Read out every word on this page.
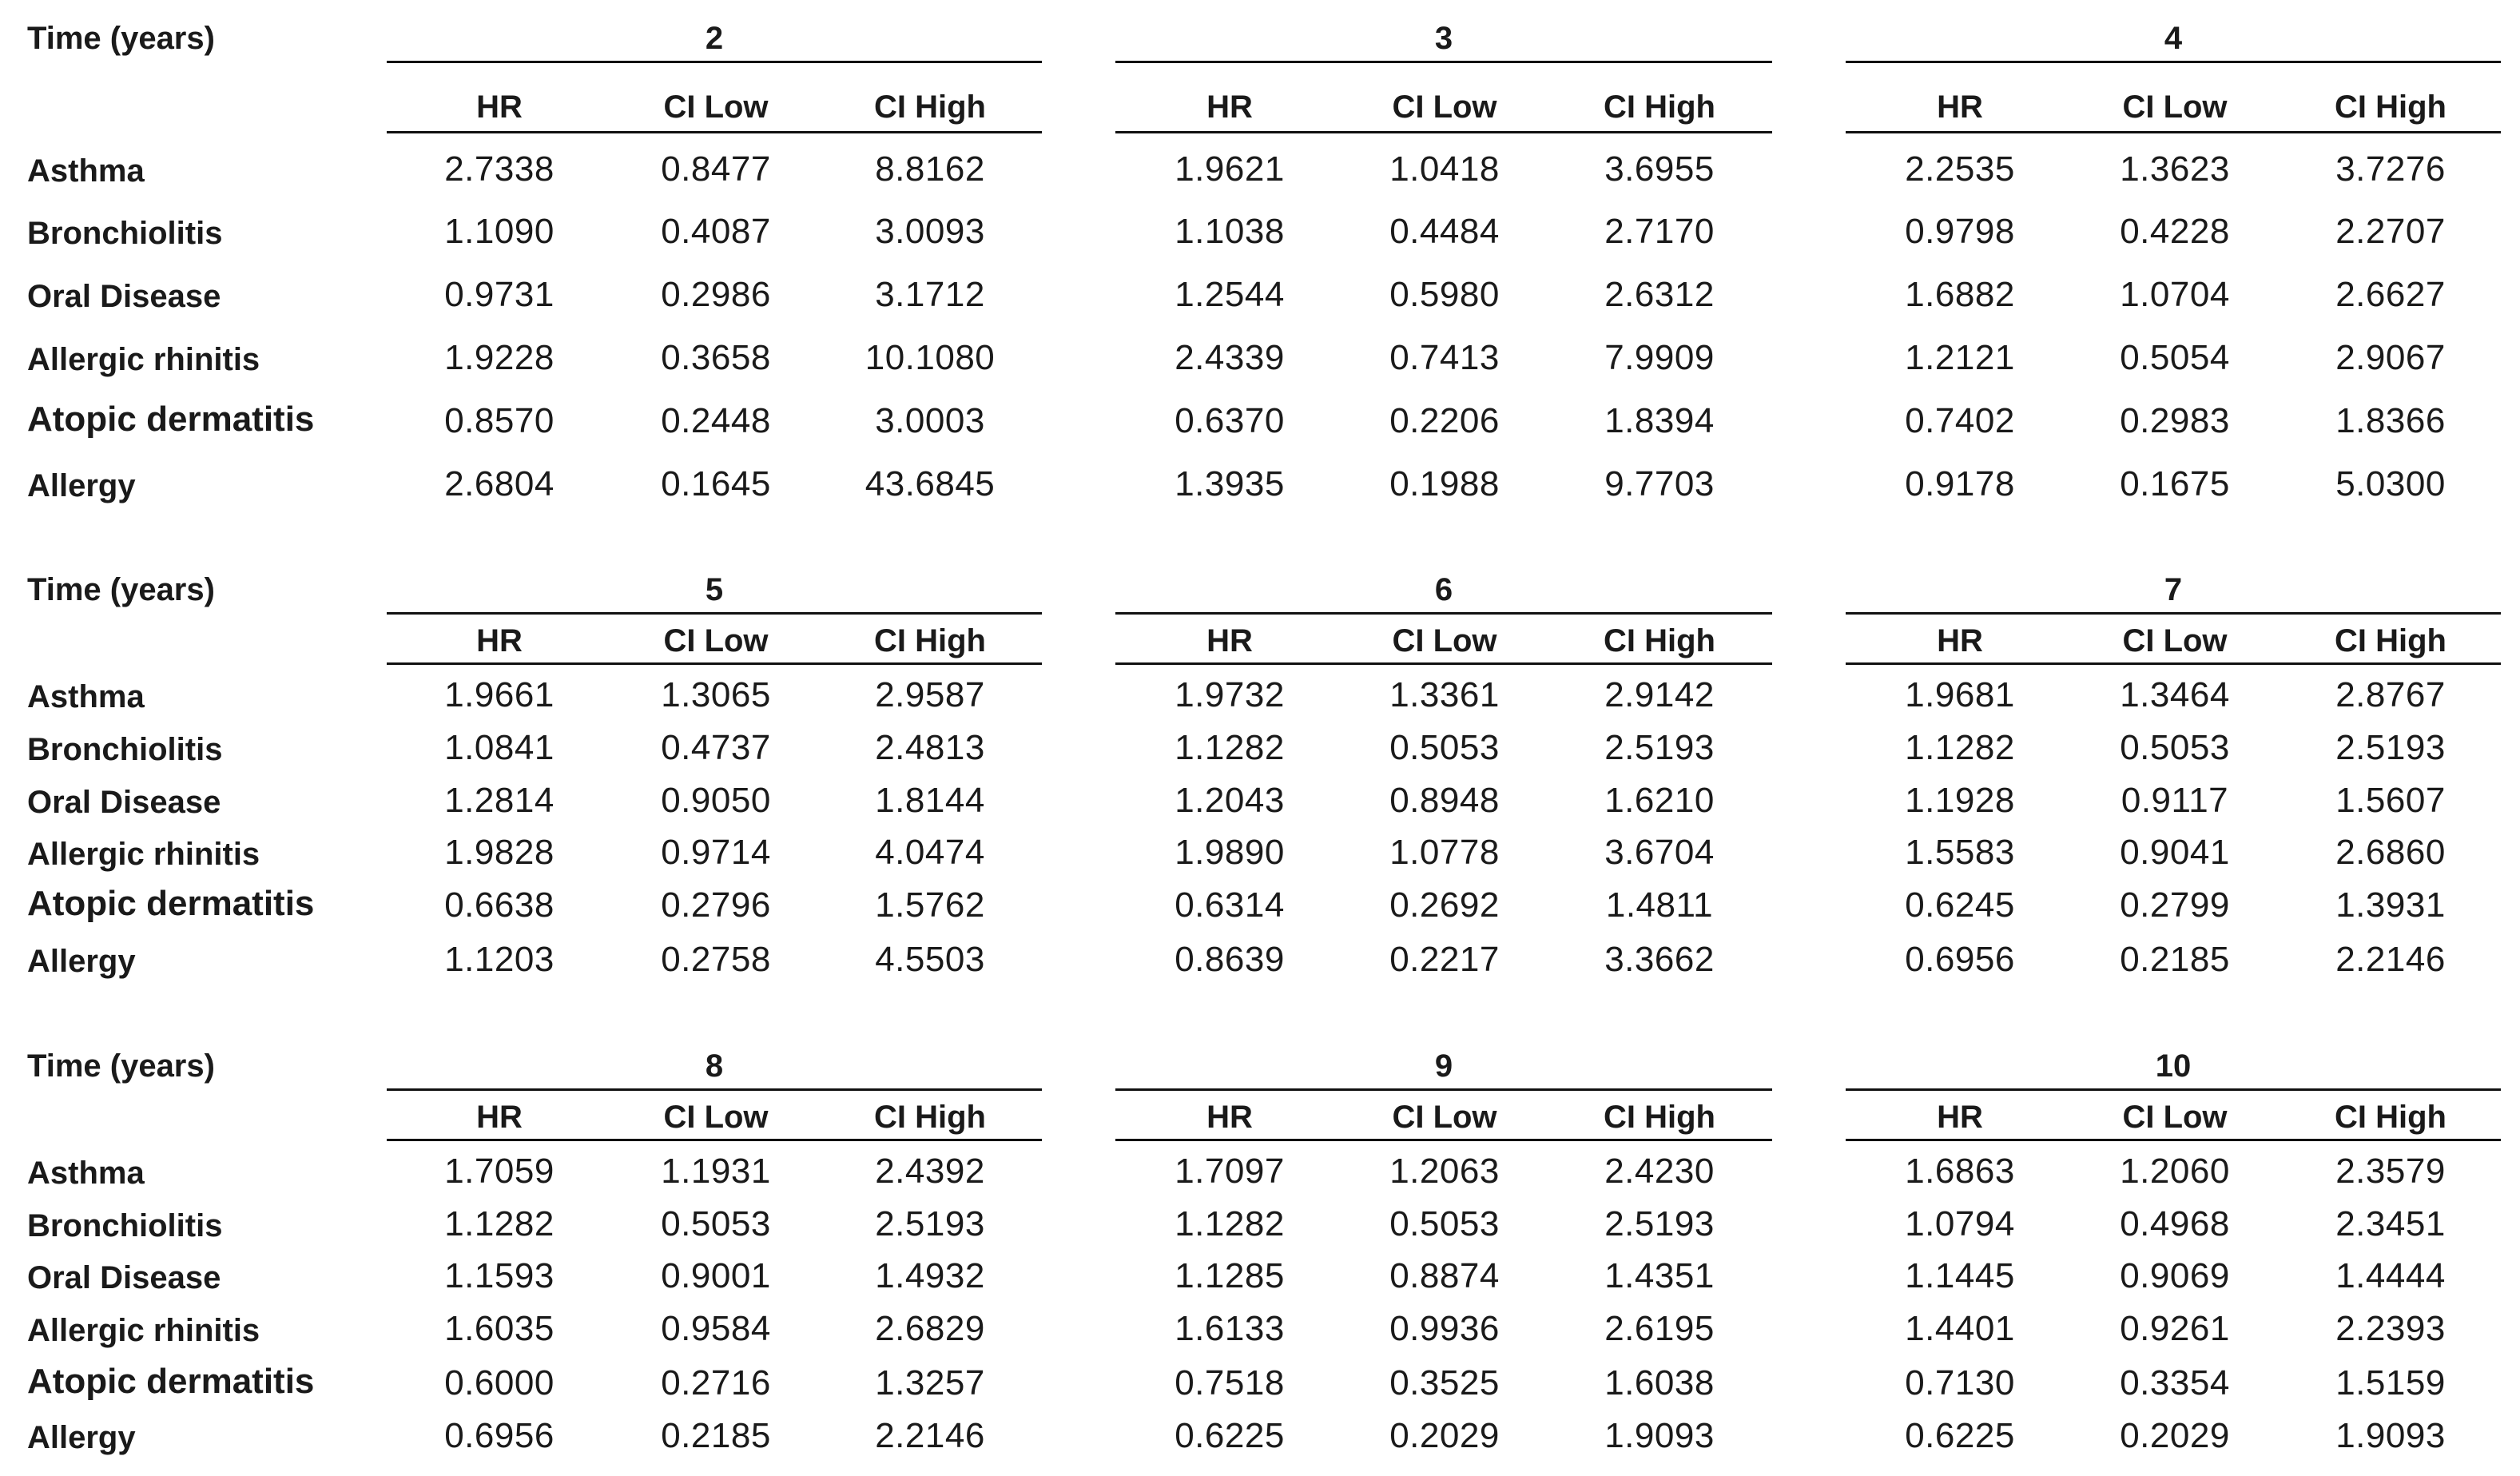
Time (years)	2
HR	CI Low	CI High
3
HR	CI Low	CI High
4
HR	CI Low	CI High
Asthma	2.7338	0.8477	8.8162	1.9621	1.0418	3.6955	2.2535	1.3623	3.7276
Bronchiolitis	1.1090	0.4087	3.0093	1.1038	0.4484	2.7170	0.9798	0.4228	2.2707
Oral Disease	0.9731	0.2986	3.1712	1.2544	0.5980	2.6312	1.6882	1.0704	2.6627
Allergic rhinitis	1.9228	0.3658	10.1080	2.4339	0.7413	7.9909	1.2121	0.5054	2.9067
Atopic dermatitis	0.8570	0.2448	3.0003	0.6370	0.2206	1.8394	0.7402	0.2983	1.8366
Allergy	2.6804	0.1645	43.6845	1.3935	0.1988	9.7703	0.9178	0.1675	5.0300
Time (years)	5
HR	CI Low	CI High
6
HR	CI Low	CI High
7
HR	CI Low	CI High
Asthma	1.9661	1.3065	2.9587	1.9732	1.3361	2.9142	1.9681	1.3464	2.8767
Bronchiolitis	1.0841	0.4737	2.4813	1.1282	0.5053	2.5193	1.1282	0.5053	2.5193
Oral Disease	1.2814	0.9050	1.8144	1.2043	0.8948	1.6210	1.1928	0.9117	1.5607
Allergic rhinitis	1.9828	0.9714	4.0474	1.9890	1.0778	3.6704	1.5583	0.9041	2.6860
Atopic dermatitis	0.6638	0.2796	1.5762	0.6314	0.2692	1.4811	0.6245	0.2799	1.3931
Allergy	1.1203	0.2758	4.5503	0.8639	0.2217	3.3662	0.6956	0.2185	2.2146
Time (years)	8
HR	CI Low	CI High
9
HR	CI Low	CI High
10
HR	CI Low	CI High
Asthma	1.7059	1.1931	2.4392	1.7097	1.2063	2.4230	1.6863	1.2060	2.3579
Bronchiolitis	1.1282	0.5053	2.5193	1.1282	0.5053	2.5193	1.0794	0.4968	2.3451
Oral Disease	1.1593	0.9001	1.4932	1.1285	0.8874	1.4351	1.1445	0.9069	1.4444
Allergic rhinitis	1.6035	0.9584	2.6829	1.6133	0.9936	2.6195	1.4401	0.9261	2.2393
Atopic dermatitis	0.6000	0.2716	1.3257	0.7518	0.3525	1.6038	0.7130	0.3354	1.5159
Allergy	0.6956	0.2185	2.2146	0.6225	0.2029	1.9093	0.6225	0.2029	1.9093
